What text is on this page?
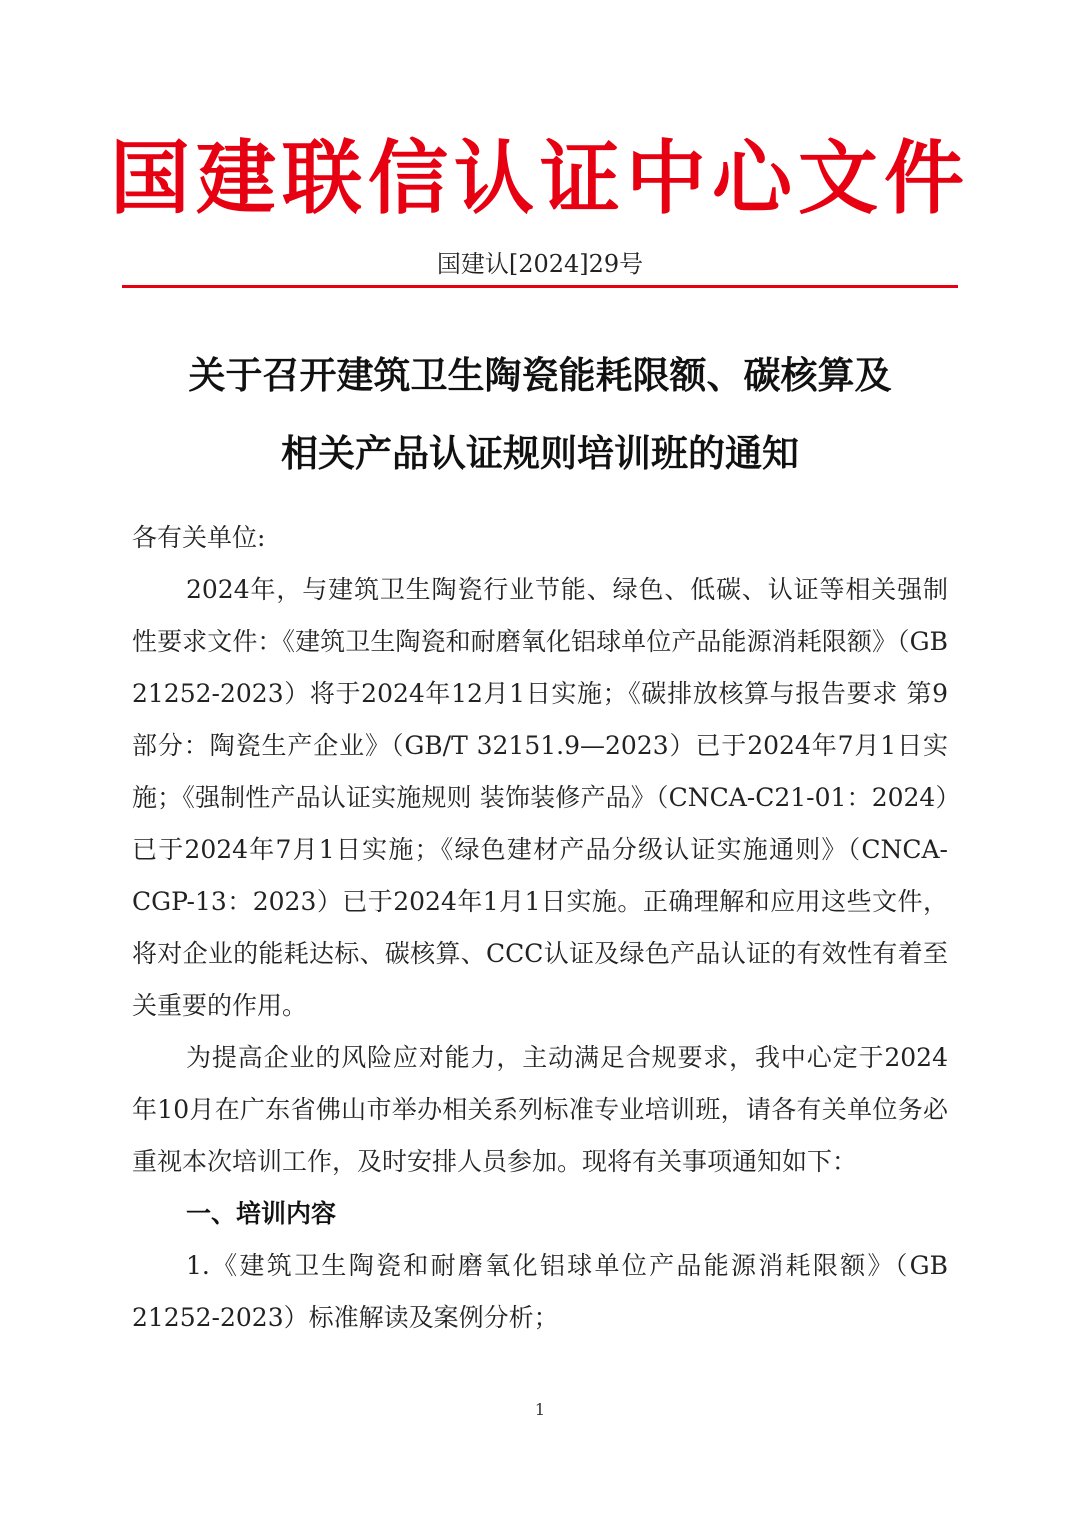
国建联信认证中心文件
国建认[2024]29号
关于召开建筑卫生陶瓷能耗限额、碳核算及
相关产品认证规则培训班的通知

各有关单位:

2024年，与建筑卫生陶瓷行业节能、绿色、低碳、认证等相关强制性要求文件：《建筑卫生陶瓷和耐磨氧化铝球单位产品能源消耗限额》（GB 21252-2023）将于2024年12月1日实施；《碳排放核算与报告要求 第9部分：陶瓷生产企业》（GB/T 32151.9—2023）已于2024年7月1日实施；《强制性产品认证实施规则 装饰装修产品》（CNCA-C21-01：2024）已于2024年7月1日实施；《绿色建材产品分级认证实施通则》（CNCA-CGP-13：2023）已于2024年1月1日实施。正确理解和应用这些文件，将对企业的能耗达标、碳核算、CCC认证及绿色产品认证的有效性有着至关重要的作用。

为提高企业的风险应对能力，主动满足合规要求，我中心定于2024年10月在广东省佛山市举办相关系列标准专业培训班，请各有关单位务必重视本次培训工作，及时安排人员参加。现将有关事项通知如下：

一、培训内容

1.《建筑卫生陶瓷和耐磨氧化铝球单位产品能源消耗限额》（GB 21252-2023）标准解读及案例分析；

1
